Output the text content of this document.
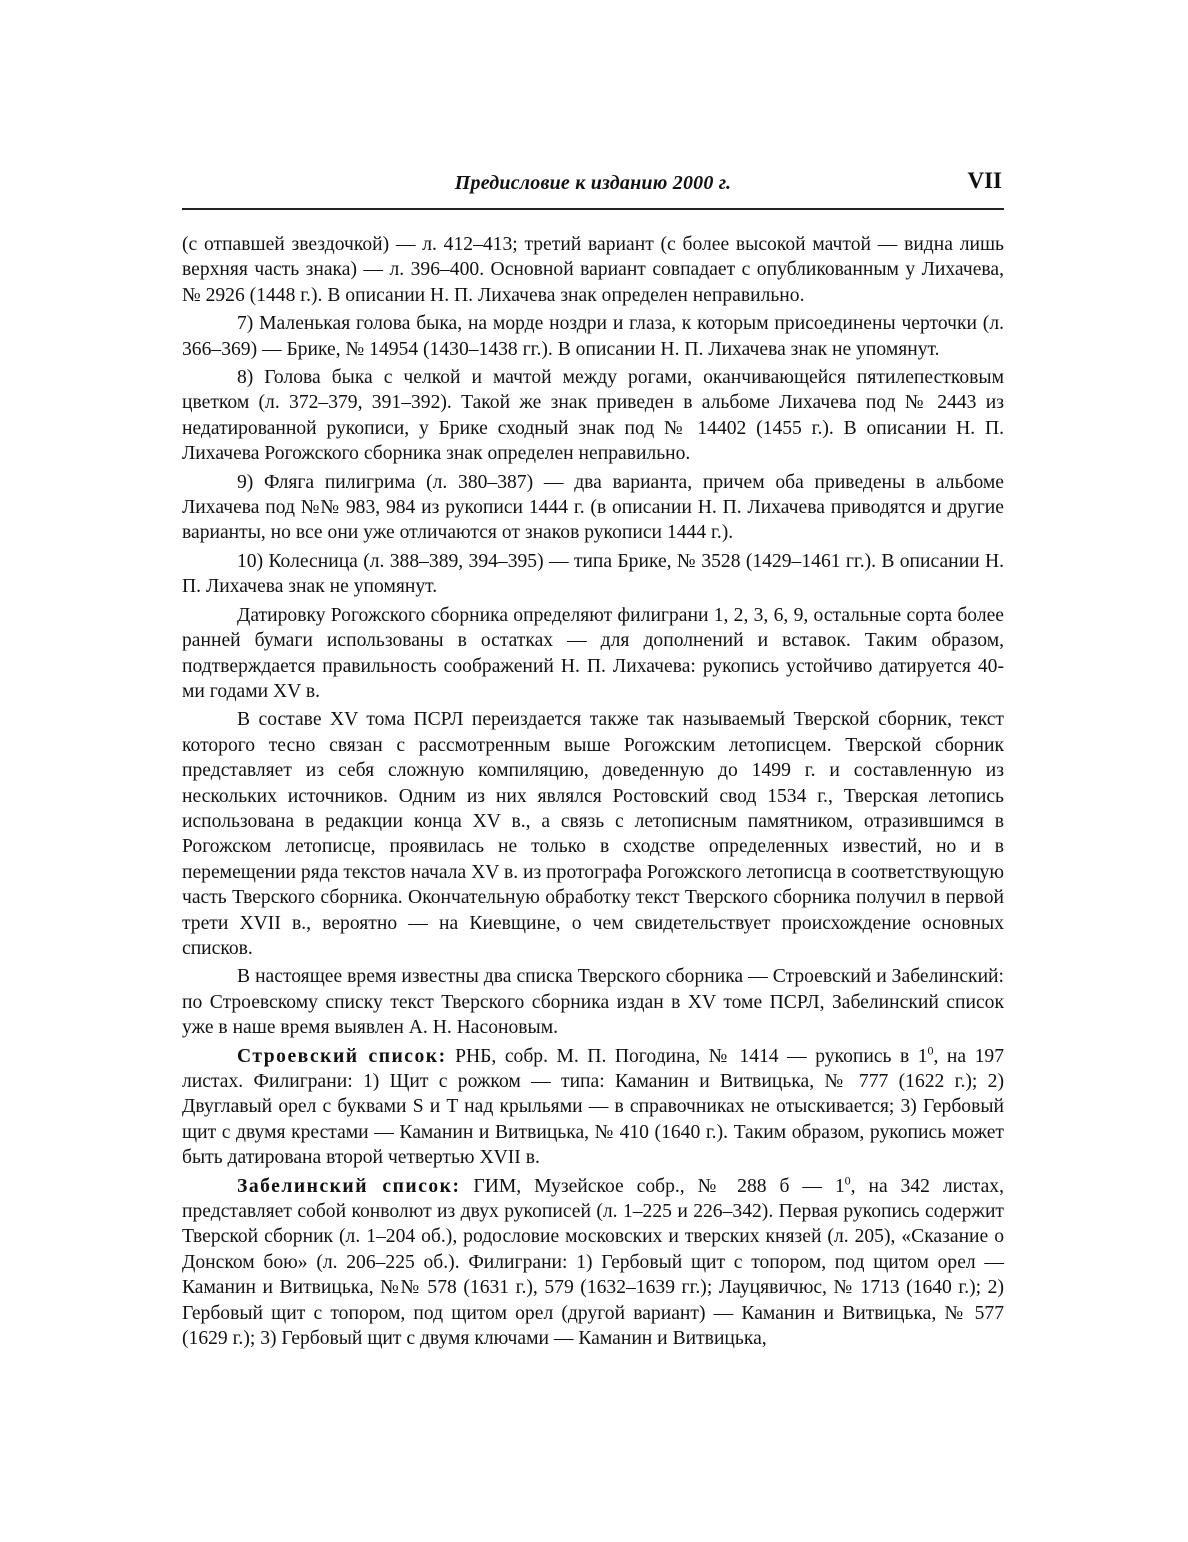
Предисловие к изданию 2000 г.	VII

(с отпавшей звездочкой) — л. 412–413; третий вариант (с более высокой мачтой — видна лишь верхняя часть знака) — л. 396–400. Основной вариант совпадает с опубликованным у Лихачева, № 2926 (1448 г.). В описании Н. П. Лихачева знак определен неправильно.

7) Маленькая голова быка, на морде ноздри и глаза, к которым присоединены черточки (л. 366–369) — Брике, № 14954 (1430–1438 гг.). В описании Н. П. Лихачева знак не упомянут.

8) Голова быка с челкой и мачтой между рогами, оканчивающейся пятилепестковым цветком (л. 372–379, 391–392). Такой же знак приведен в альбоме Лихачева под № 2443 из недатированной рукописи, у Брике сходный знак под № 14402 (1455 г.). В описании Н. П. Лихачева Рогожского сборника знак определен неправильно.

9) Фляга пилигрима (л. 380–387) — два варианта, причем оба приведены в альбоме Лихачева под №№ 983, 984 из рукописи 1444 г. (в описании Н. П. Лихачева приводятся и другие варианты, но все они уже отличаются от знаков рукописи 1444 г.).

10) Колесница (л. 388–389, 394–395) — типа Брике, № 3528 (1429–1461 гг.). В описании Н. П. Лихачева знак не упомянут.

Датировку Рогожского сборника определяют филиграни 1, 2, 3, 6, 9, остальные сорта более ранней бумаги использованы в остатках — для дополнений и вставок. Таким образом, подтверждается правильность соображений Н. П. Лихачева: рукопись устойчиво датируется 40-ми годами XV в.

В составе XV тома ПСРЛ переиздается также так называемый Тверской сборник, текст которого тесно связан с рассмотренным выше Рогожским летописцем. Тверской сборник представляет из себя сложную компиляцию, доведенную до 1499 г. и составленную из нескольких источников. Одним из них являлся Ростовский свод 1534 г., Тверская летопись использована в редакции конца XV в., а связь с летописным памятником, отразившимся в Рогожском летописце, проявилась не только в сходстве определенных известий, но и в перемещении ряда текстов начала XV в. из протографа Рогожского летописца в соответствующую часть Тверского сборника. Окончательную обработку текст Тверского сборника получил в первой трети XVII в., вероятно — на Киевщине, о чем свидетельствует происхождение основных списков.

В настоящее время известны два списка Тверского сборника — Строевский и Забелинский: по Строевскому списку текст Тверского сборника издан в XV томе ПСРЛ, Забелинский список уже в наше время выявлен А. Н. Насоновым.

Строевский список: РНБ, собр. М. П. Погодина, № 1414 — рукопись в $1^0$, на 197 листах. Филиграни: 1) Щит с рожком — типа: Каманин и Витвицька, № 777 (1622 г.); 2) Двуглавый орел с буквами S и T над крыльями — в справочниках не отыскивается; 3) Гербовый щит с двумя крестами — Каманин и Витвицька, № 410 (1640 г.). Таким образом, рукопись может быть датирована второй четвертью XVII в.

Забелинский список: ГИМ, Музейское собр., № 288 б — $1^0$, на 342 листах, представляет собой конволют из двух рукописей (л. 1–225 и 226–342). Первая рукопись содержит Тверской сборник (л. 1–204 об.), родословие московских и тверских князей (л. 205), «Сказание о Донском бою» (л. 206–225 об.). Филиграни: 1) Гербовый щит с топором, под щитом орел — Каманин и Витвицька, №№ 578 (1631 г.), 579 (1632–1639 гг.); Лауцявичюс, № 1713 (1640 г.); 2) Гербовый щит с топором, под щитом орел (другой вариант) — Каманин и Витвицька, № 577 (1629 г.); 3) Гербовый щит с двумя ключами — Каманин и Витвицька,
